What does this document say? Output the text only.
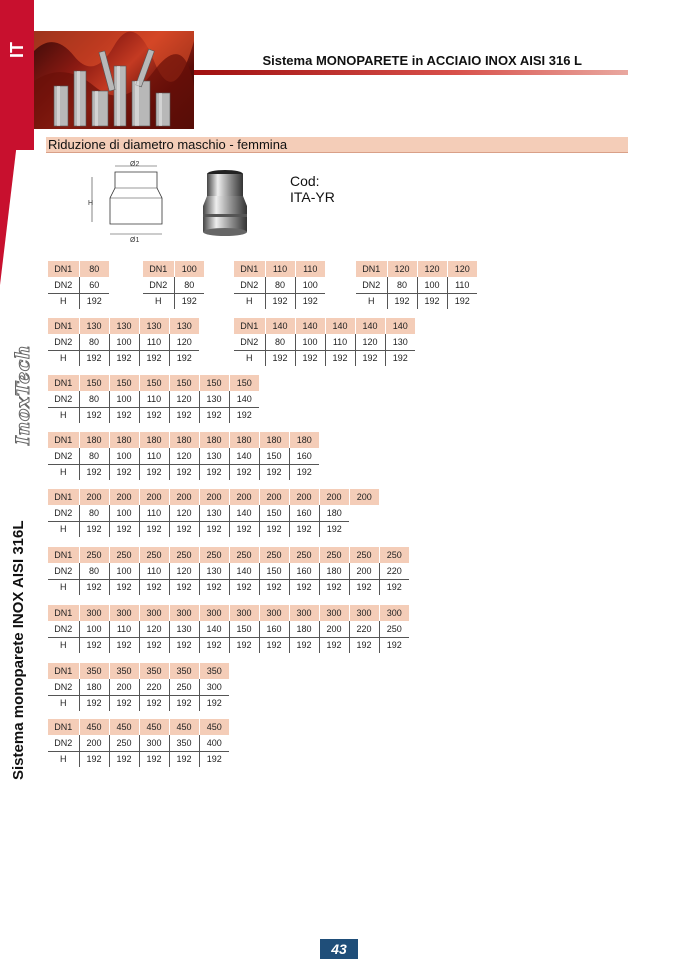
IT
Sistema MONOPARETE in ACCIAIO INOX AISI 316 L
Riduzione di diametro maschio - femmina
Ø2
H
Ø1
Cod:
ITA-YR
DN1	80
DN2	60
H	192
DN1	100
DN2	80
H	192
DN1	110	110
DN2	80	100
H	192	192
DN1	120	120	120
DN2	80	100	110
H	192	192	192
DN1	130	130	130	130
DN2	80	100	110	120
H	192	192	192	192
DN1	140	140	140	140	140
DN2	80	100	110	120	130
H	192	192	192	192	192
DN1	150	150	150	150	150	150
DN2	80	100	110	120	130	140
H	192	192	192	192	192	192
DN1	180	180	180	180	180	180	180	180
DN2	80	100	110	120	130	140	150	160
H	192	192	192	192	192	192	192	192
DN1	200	200	200	200	200	200	200	200	200	200
DN2	80	100	110	120	130	140	150	160	180	
H	192	192	192	192	192	192	192	192	192	
DN1	250	250	250	250	250	250	250	250	250	250	250
DN2	80	100	110	120	130	140	150	160	180	200	220
H	192	192	192	192	192	192	192	192	192	192	192
DN1	300	300	300	300	300	300	300	300	300	300	300
DN2	100	110	120	130	140	150	160	180	200	220	250
H	192	192	192	192	192	192	192	192	192	192	192
DN1	350	350	350	350	350
DN2	180	200	220	250	300
H	192	192	192	192	192
DN1	450	450	450	450	450
DN2	200	250	300	350	400
H	192	192	192	192	192
InoxTech
Sistema monoparete INOX AISI 316L
43
